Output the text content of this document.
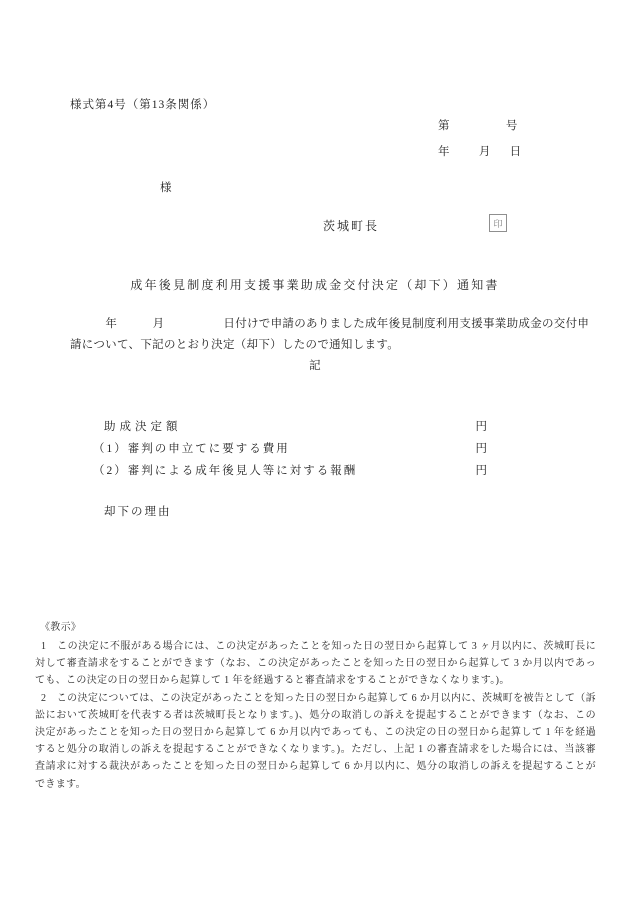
様式第4号（第13条関係）
第	号
年	月 日
様
茨城町長	印
成年後見制度利用支援事業助成金交付決定（却下）通知書
　　　年　　　月　　　　　日付けで申請のありました成年後見制度利用支援事業助成金の交付申
請について、下記のとおり決定（却下）したので通知します。
記
助成決定額	円
（1）審判の申立てに要する費用	円
（2）審判による成年後見人等に対する報酬	円
却下の理由
《教示》
1　この決定に不服がある場合には、この決定があったことを知った日の翌日から起算して 3 ヶ月以内に、茨城町長に
対して審査請求をすることができます（なお、この決定があったことを知った日の翌日から起算して 3 か月以内であっ
ても、この決定の日の翌日から起算して 1 年を経過すると審査請求をすることができなくなります。)。
2　この決定については、この決定があったことを知った日の翌日から起算して 6 か月以内に、茨城町を被告として（訴
訟において茨城町を代表する者は茨城町長となります。)、処分の取消しの訴えを提起することができます（なお、この
決定があったことを知った日の翌日から起算して 6 か月以内であっても、この決定の日の翌日から起算して 1 年を経過
すると処分の取消しの訴えを提起することができなくなります。)。ただし、上記 1 の審査請求をした場合には、当該審
査請求に対する裁決があったことを知った日の翌日から起算して 6 か月以内に、処分の取消しの訴えを提起することが
できます。
